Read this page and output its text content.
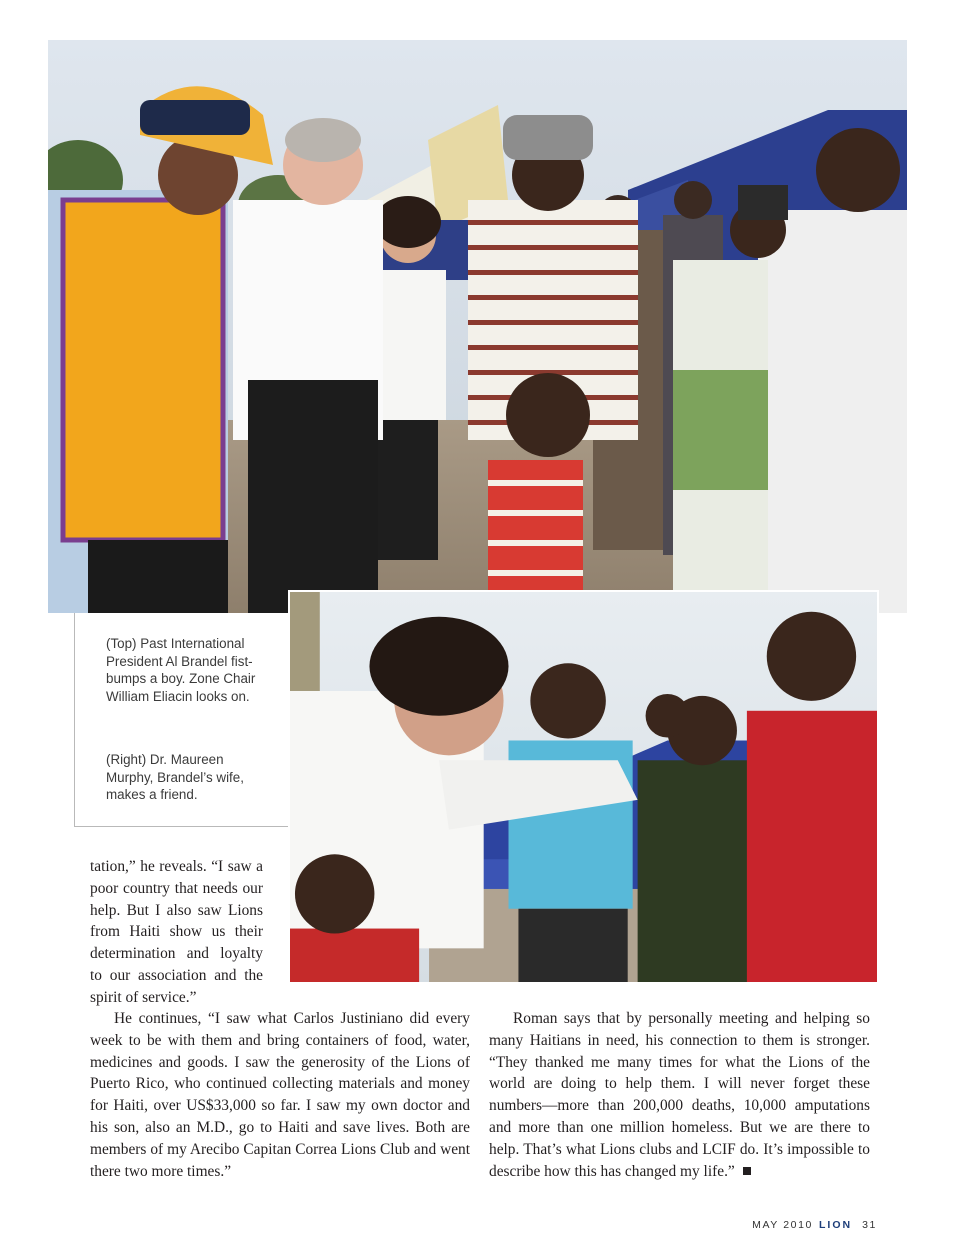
(Top) Past International President Al Brandel fist-bumps a boy. Zone Chair William Eliacin looks on.

(Right) Dr. Maureen Murphy, Brandel’s wife, makes a friend.

tation,” he reveals. “I saw a poor country that needs our help. But I also saw Lions from Haiti show us their determination and loyalty to our association and the spirit of service.”

He continues, “I saw what Carlos Justiniano did every week to be with them and bring containers of food, water, medicines and goods. I saw the generosity of the Lions of Puerto Rico, who continued collecting materials and money for Haiti, over US$33,000 so far. I saw my own doctor and his son, also an M.D., go to Haiti and save lives. Both are members of my Arecibo Capitan Correa Lions Club and went there two more times.”

Roman says that by personally meeting and helping so many Haitians in need, his connection to them is stronger. “They thanked me many times for what the Lions of the world are doing to help them. I will never forget these numbers—more than 200,000 deaths, 10,000 amputations and more than one million homeless. But we are there to help. That’s what Lions clubs and LCIF do. It’s impossible to describe how this has changed my life.”

MAY 2010 LION 31
